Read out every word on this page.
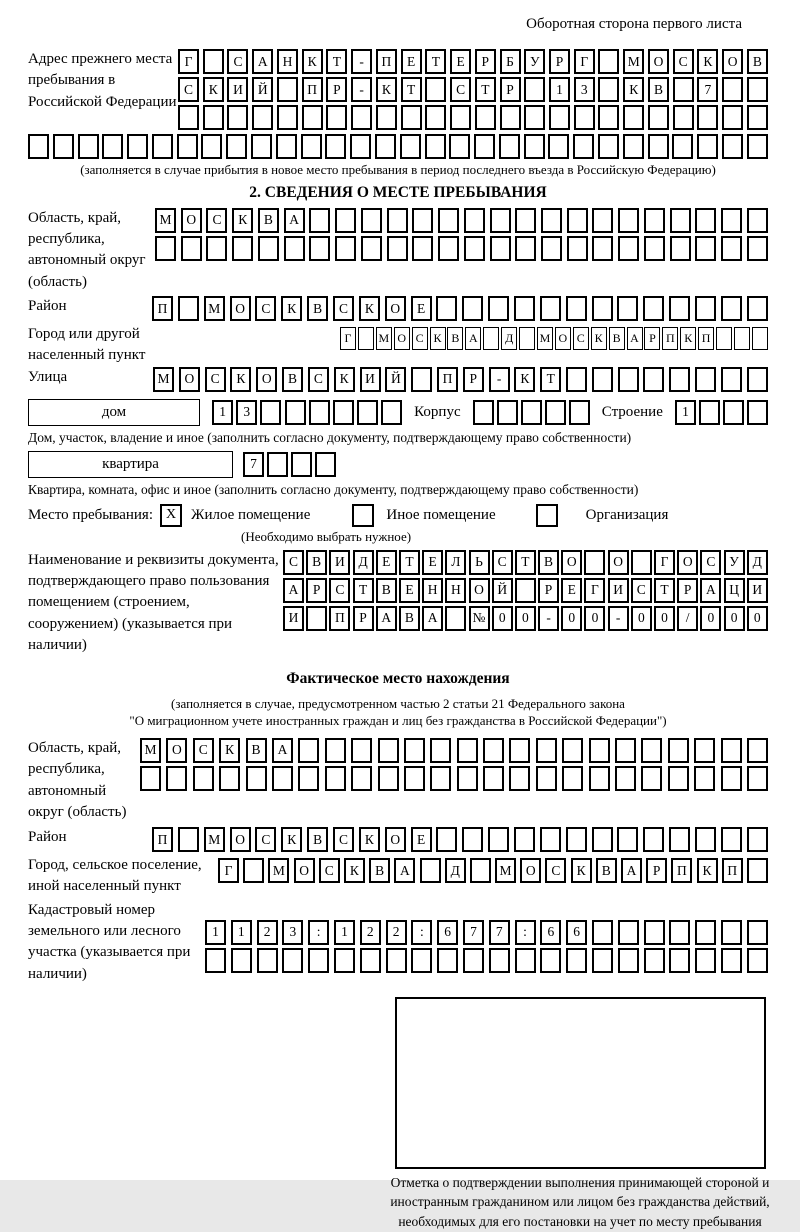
Оборотная сторона первого листа
Адрес прежнего места пребывания в Российской Федерации
Г	С	А	Н	К	Т	-	П	Е	Т	Е	Р	Б	У	Р	Г	М	О	С	К	О	В
С	К	И	Й	П	Р	-	К	Т	С	Т	Р	1	3	К	В	7
(заполняется в случае прибытия в новое место пребывания в период последнего въезда в Российскую Федерацию)
2. СВЕДЕНИЯ О МЕСТЕ ПРЕБЫВАНИЯ
Область, край, республика, автономный округ (область)
М	О	С	К	В	А
Район	П	М	О	С	К	В	С	К	О	Е
Город или другой населенный пункт
Г	М О С К В А	Д	М О С К В А Р П К П
Улица	М	О	С	К	О	В	С	К	И	Й	П	Р	-	К	Т
дом	1	3	Корпус	Строение	1
Дом, участок, владение и иное (заполнить согласно документу, подтверждающему право собственности)
квартира	7
Квартира, комната, офис и иное (заполнить согласно документу, подтверждающему право собственности)
Место пребывания: X Жилое помещение	Иное помещение	Организация
(Необходимо выбрать нужное)
Наименование и реквизиты документа, подтверждающего право пользования помещением (строением, сооружением) (указывается при наличии)
С	В	И	Д	Е	Т	Е	Л	Ь	С	Т	В	О	О	Г	О	С	У	Д
А	Р	С	Т	В	Е	Н Н О Й	Р	Е	Г	И	С	Т	Р	А Ц И
И	П	Р	А	В	А	№ 0	0	-	0	0	-	0	0	/	0	0	0
Фактическое место нахождения
(заполняется в случае, предусмотренном частью 2 статьи 21 Федерального закона
"О миграционном учете иностранных граждан и лиц без гражданства в Российской Федерации")
Область, край, республика, автономный округ (область)
М	О	С	К	В	А
Район	П	М	О	С	К	В	С	К	О	Е
Город, сельское поселение, иной населенный пункт
Г	М	О	С	К	В	А	Д	М	О	С	К	В	А	Р	П	К	П
Кадастровый номер земельного или лесного участка (указывается при наличии)
1	1	2	3	:	1	2	2	:	6	7	7	:	6	6
Отметка о подтверждении выполнения принимающей стороной и иностранным гражданином или лицом без гражданства действий, необходимых для его постановки на учет по месту пребывания
